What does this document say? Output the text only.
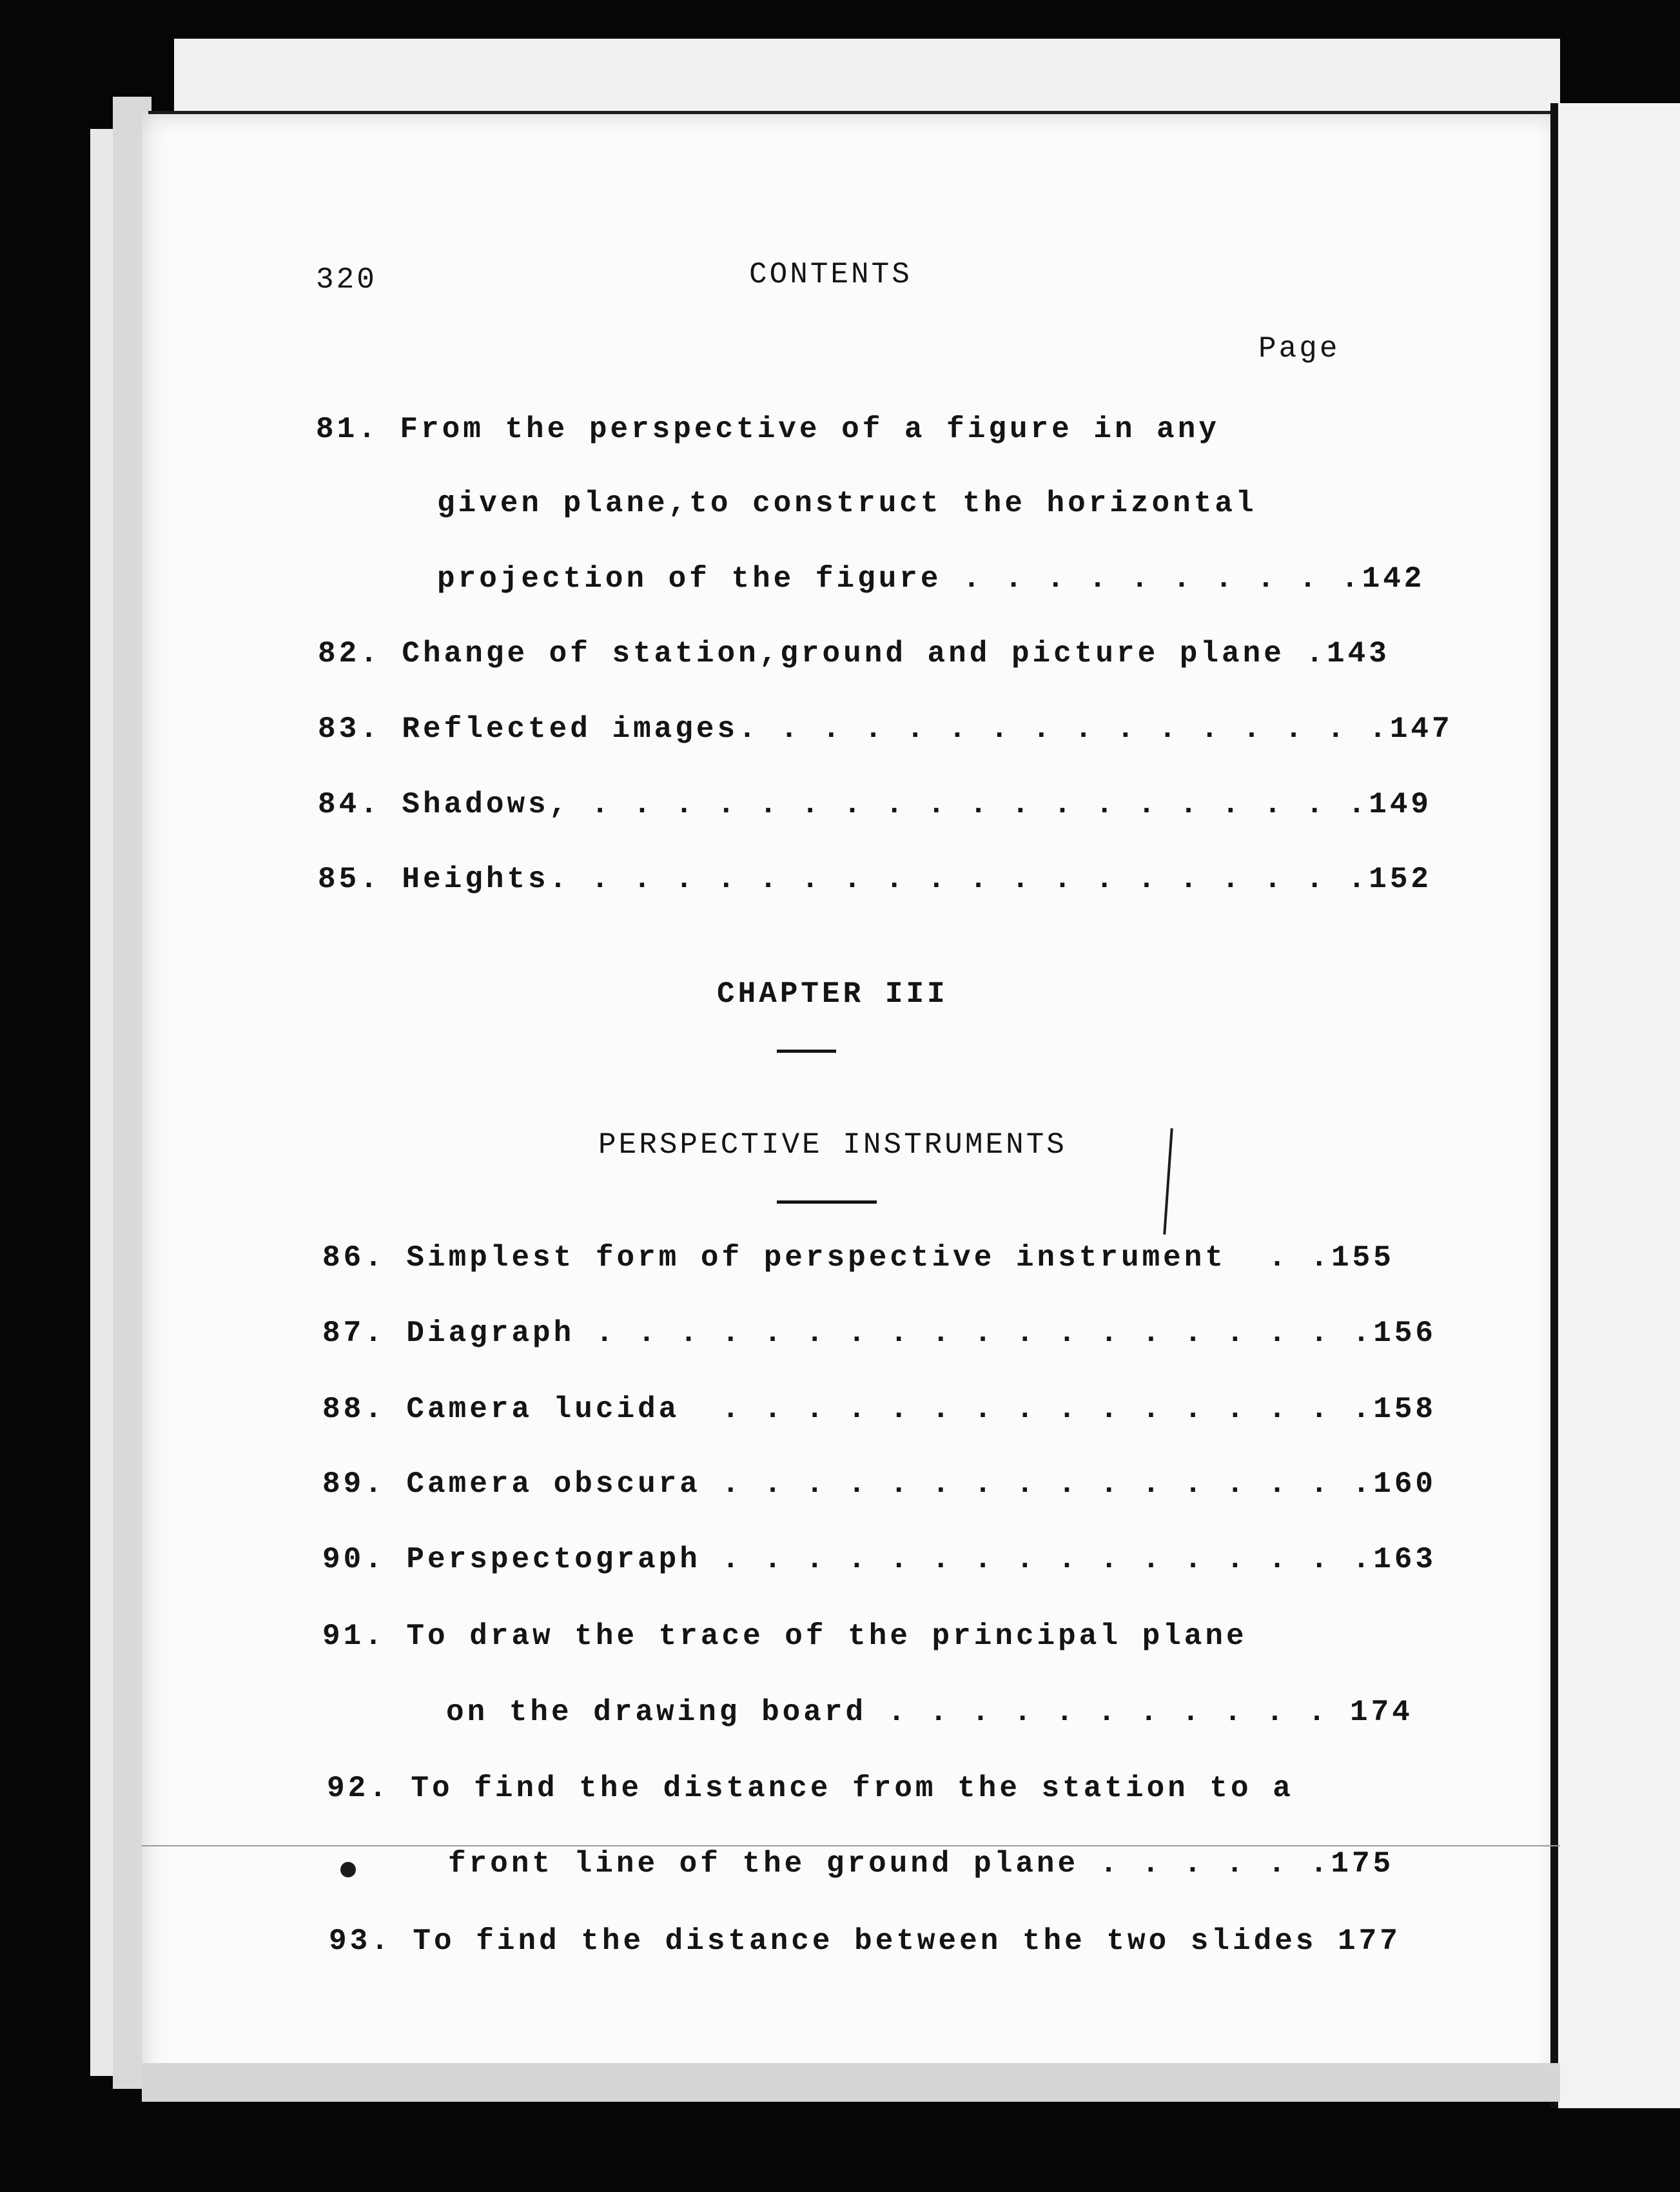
320	CONTENTS
Page
81. From the perspective of a figure in any
given plane,to construct the horizontal
projection of the figure . . . . . . . . . .142
82. Change of station,ground and picture plane .143
83. Reflected images. . . . . . . . . . . . . . . .147
84. Shadows, . . . . . . . . . . . . . . . . . . .149
85. Heights. . . . . . . . . . . . . . . . . . . .152
CHAPTER III
PERSPECTIVE INSTRUMENTS
86. Simplest form of perspective instrument  . .155
87. Diagraph . . . . . . . . . . . . . . . . . . .156
88. Camera lucida  . . . . . . . . . . . . . . . .158
89. Camera obscura . . . . . . . . . . . . . . . .160
90. Perspectograph . . . . . . . . . . . . . . . .163
91. To draw the trace of the principal plane
on the drawing board . . . . . . . . . . . 174
92. To find the distance from the station to a
front line of the ground plane . . . . . .175
93. To find the distance between the two slides 177
